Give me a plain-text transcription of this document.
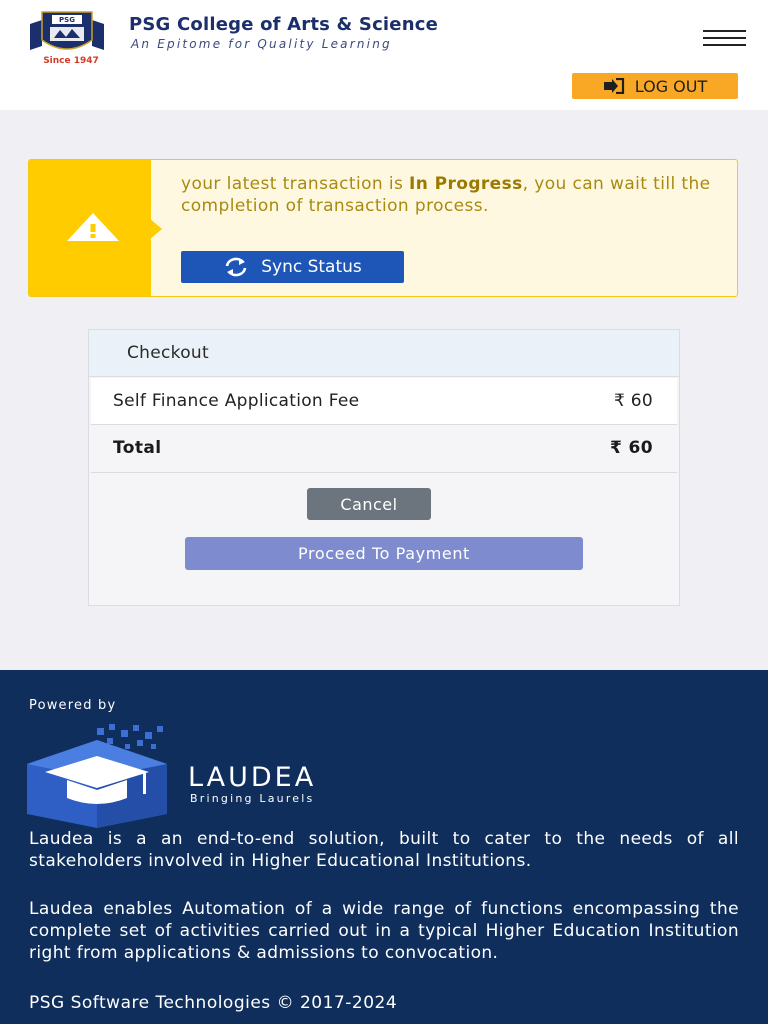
PSG
Since 1947
PSG College of Arts & Science
An Epitome for Quality Learning
LOG OUT
your latest transaction is In Progress, you can wait till the completion of transaction process.
Sync Status
Checkout
Self Finance Application Fee	₹ 60
Total	₹ 60
Cancel
Proceed To Payment
Powered by
LAUDEA
Bringing Laurels
Laudea is a an end-to-end solution, built to cater to the needs of all stakeholders involved in Higher Educational Institutions.
Laudea enables Automation of a wide range of functions encompassing the complete set of activities carried out in a typical Higher Education Institution right from applications & admissions to convocation.
PSG Software Technologies © 2017-2024
